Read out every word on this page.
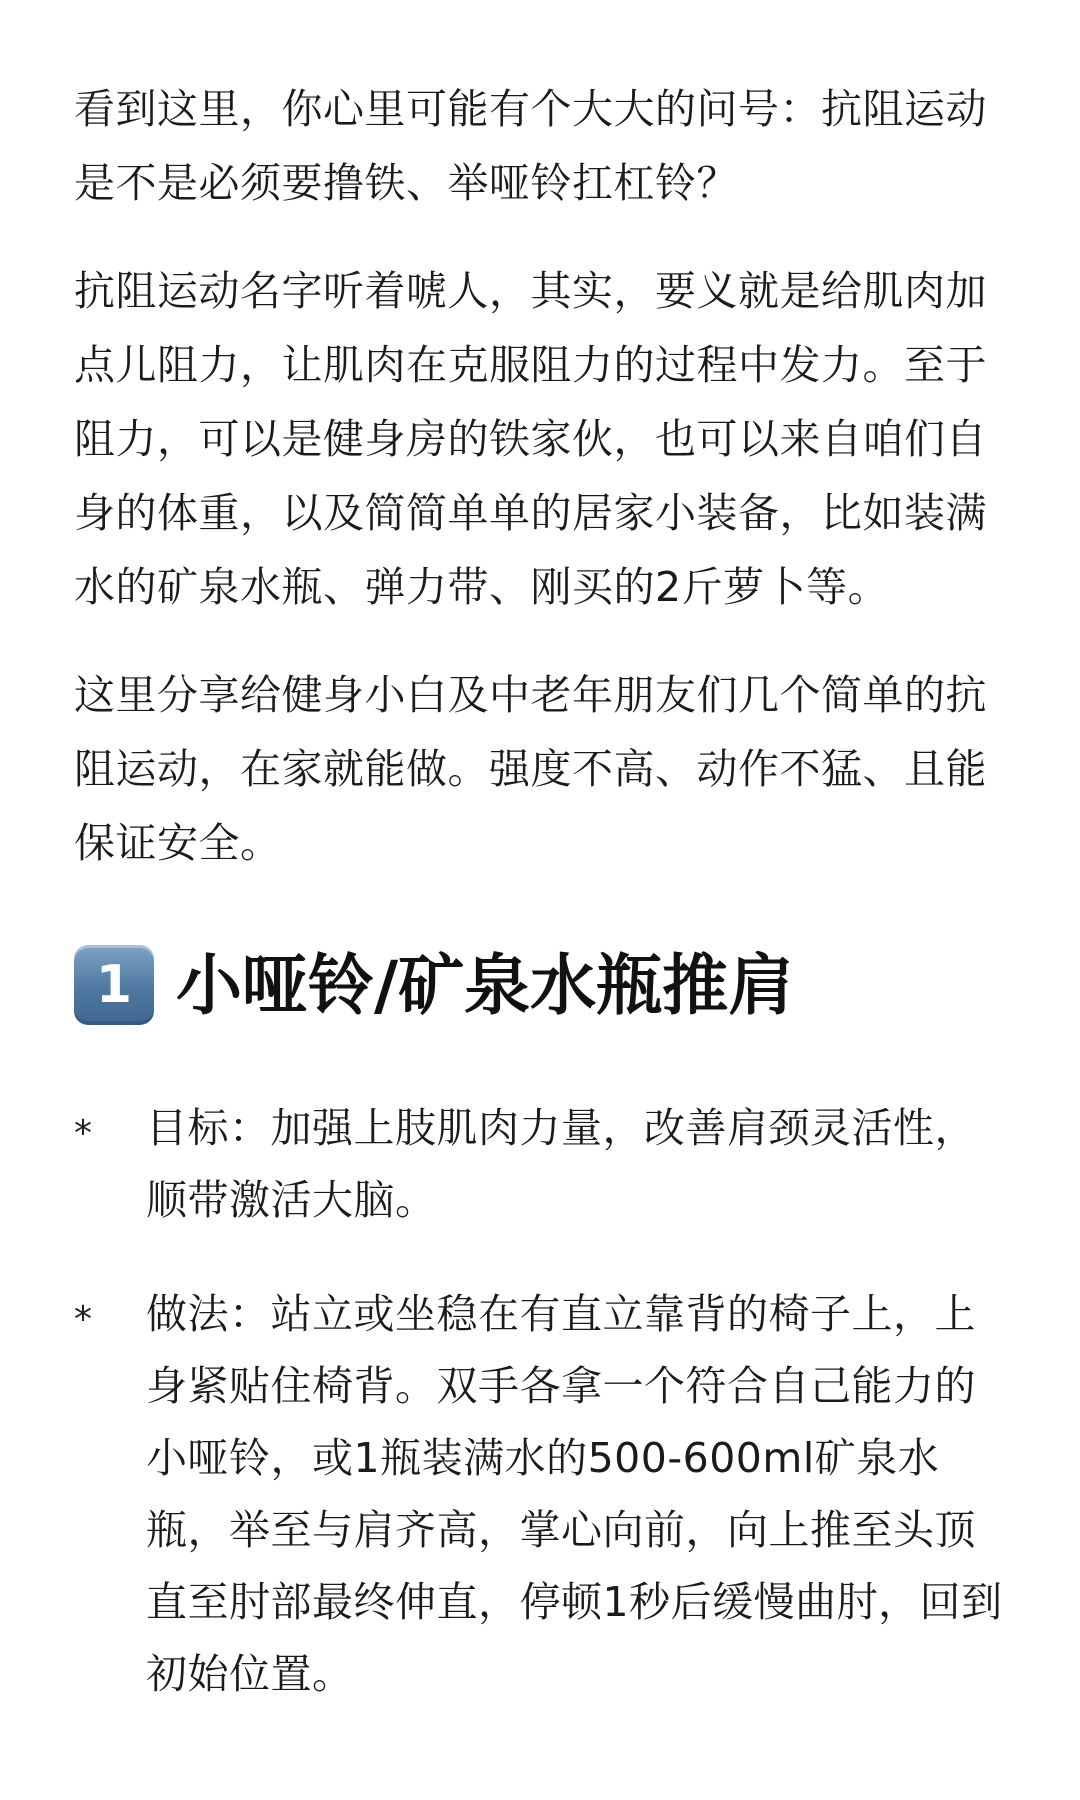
看到这里，你心里可能有个大大的问号：抗阻运动是不是必须要撸铁、举哑铃扛杠铃？

抗阻运动名字听着唬人，其实，要义就是给肌肉加点儿阻力，让肌肉在克服阻力的过程中发力。至于阻力，可以是健身房的铁家伙，也可以来自咱们自身的体重，以及简简单单的居家小装备，比如装满水的矿泉水瓶、弹力带、刚买的2斤萝卜等。

这里分享给健身小白及中老年朋友们几个简单的抗阻运动，在家就能做。强度不高、动作不猛、且能保证安全。

1 小哑铃/矿泉水瓶推肩
* 目标：加强上肢肌肉力量，改善肩颈灵活性，顺带激活大脑。
* 做法：站立或坐稳在有直立靠背的椅子上，上身紧贴住椅背。双手各拿一个符合自己能力的小哑铃，或1瓶装满水的500-600ml矿泉水瓶，举至与肩齐高，掌心向前，向上推至头顶直至肘部最终伸直，停顿1秒后缓慢曲肘，回到初始位置。
